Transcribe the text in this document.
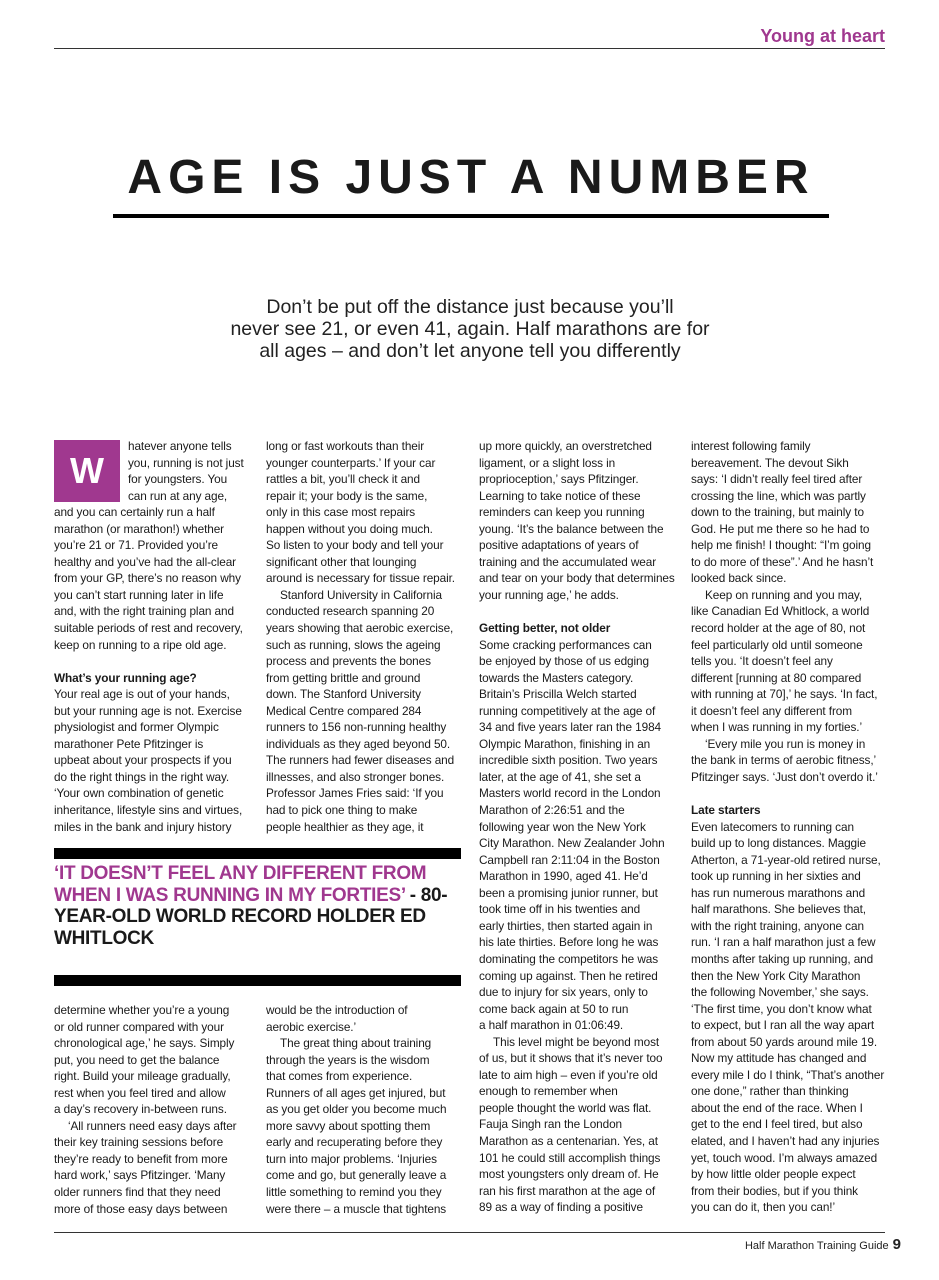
Young at heart
AGE IS JUST A NUMBER
Don’t be put off the distance just because you’ll
never see 21, or even 41, again. Half marathons are for
all ages – and don’t let anyone tell you differently
W
hatever anyone tells
you, running is not just
for youngsters. You
can run at any age,
and you can certainly run a half
marathon (or marathon!) whether
you’re 21 or 71. Provided you’re
healthy and you’ve had the all-clear
from your GP, there’s no reason why
you can’t start running later in life
and, with the right training plan and
suitable periods of rest and recovery,
keep on running to a ripe old age.
What’s your running age?
Your real age is out of your hands,
but your running age is not. Exercise
physiologist and former Olympic
marathoner Pete Pfitzinger is
upbeat about your prospects if you
do the right things in the right way.
‘Your own combination of genetic
inheritance, lifestyle sins and virtues,
miles in the bank and injury history
long or fast workouts than their
younger counterparts.’ If your car
rattles a bit, you’ll check it and
repair it; your body is the same,
only in this case most repairs
happen without you doing much.
So listen to your body and tell your
significant other that lounging
around is necessary for tissue repair.
Stanford University in California
conducted research spanning 20
years showing that aerobic exercise,
such as running, slows the ageing
process and prevents the bones
from getting brittle and ground
down. The Stanford University
Medical Centre compared 284
runners to 156 non-running healthy
individuals as they aged beyond 50.
The runners had fewer diseases and
illnesses, and also stronger bones.
Professor James Fries said: ‘If you
had to pick one thing to make
people healthier as they age, it
up more quickly, an overstretched
ligament, or a slight loss in
proprioception,’ says Pfitzinger.
Learning to take notice of these
reminders can keep you running
young. ‘It’s the balance between the
positive adaptations of years of
training and the accumulated wear
and tear on your body that determines
your running age,’ he adds.
Getting better, not older
Some cracking performances can
be enjoyed by those of us edging
towards the Masters category.
Britain’s Priscilla Welch started
running competitively at the age of
34 and five years later ran the 1984
Olympic Marathon, finishing in an
incredible sixth position. Two years
later, at the age of 41, she set a
Masters world record in the London
Marathon of 2:26:51 and the
following year won the New York
City Marathon. New Zealander John
Campbell ran 2:11:04 in the Boston
Marathon in 1990, aged 41. He’d
been a promising junior runner, but
took time off in his twenties and
early thirties, then started again in
his late thirties. Before long he was
dominating the competitors he was
coming up against. Then he retired
due to injury for six years, only to
come back again at 50 to run
a half marathon in 01:06:49.
This level might be beyond most
of us, but it shows that it’s never too
late to aim high – even if you’re old
enough to remember when
people thought the world was flat.
Fauja Singh ran the London
Marathon as a centenarian. Yes, at
101 he could still accomplish things
most youngsters only dream of. He
ran his first marathon at the age of
89 as a way of finding a positive
interest following family
bereavement. The devout Sikh
says: ‘I didn’t really feel tired after
crossing the line, which was partly
down to the training, but mainly to
God. He put me there so he had to
help me finish! I thought: “I’m going
to do more of these”.’ And he hasn’t
looked back since.
Keep on running and you may,
like Canadian Ed Whitlock, a world
record holder at the age of 80, not
feel particularly old until someone
tells you. ‘It doesn’t feel any
different [running at 80 compared
with running at 70],’ he says. ‘In fact,
it doesn’t feel any different from
when I was running in my forties.’
‘Every mile you run is money in
the bank in terms of aerobic fitness,’
Pfitzinger says. ‘Just don’t overdo it.’
Late starters
Even latecomers to running can
build up to long distances. Maggie
Atherton, a 71-year-old retired nurse,
took up running in her sixties and
has run numerous marathons and
half marathons. She believes that,
with the right training, anyone can
run. ‘I ran a half marathon just a few
months after taking up running, and
then the New York City Marathon
the following November,’ she says.
‘The first time, you don’t know what
to expect, but I ran all the way apart
from about 50 yards around mile 19.
Now my attitude has changed and
every mile I do I think, “That’s another
one done,” rather than thinking
about the end of the race. When I
get to the end I feel tired, but also
elated, and I haven’t had any injuries
yet, touch wood. I’m always amazed
by how little older people expect
from their bodies, but if you think
you can do it, then you can!’
determine whether you’re a young
or old runner compared with your
chronological age,’ he says. Simply
put, you need to get the balance
right. Build your mileage gradually,
rest when you feel tired and allow
a day’s recovery in-between runs.
‘All runners need easy days after
their key training sessions before
they’re ready to benefit from more
hard work,’ says Pfitzinger. ‘Many
older runners find that they need
more of those easy days between
would be the introduction of
aerobic exercise.’
The great thing about training
through the years is the wisdom
that comes from experience.
Runners of all ages get injured, but
as you get older you become much
more savvy about spotting them
early and recuperating before they
turn into major problems. ‘Injuries
come and go, but generally leave a
little something to remind you they
were there – a muscle that tightens
‘IT DOESN’T FEEL ANY DIFFERENT FROM WHEN I WAS RUNNING IN MY FORTIES’ - 80-YEAR-OLD WORLD RECORD HOLDER ED WHITLOCK
Half Marathon Training Guide 9
